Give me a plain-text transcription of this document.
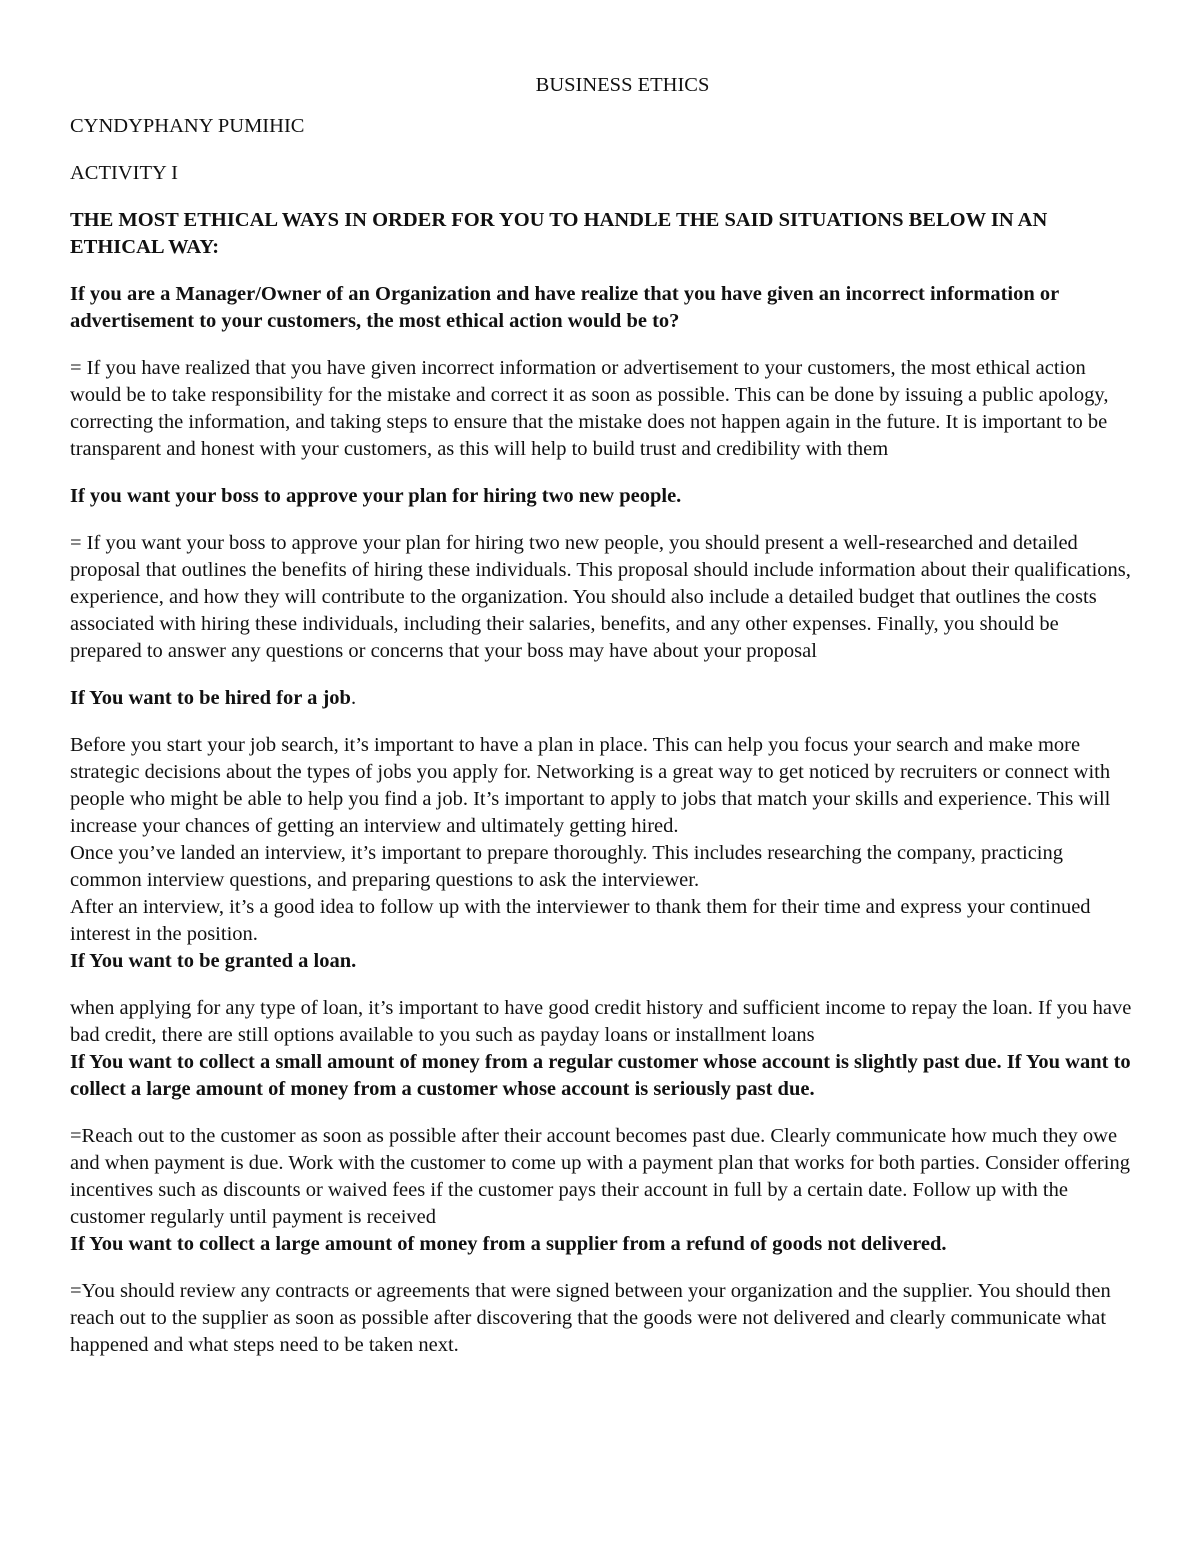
BUSINESS ETHICS
CYNDYPHANY PUMIHIC
ACTIVITY I
THE MOST ETHICAL WAYS IN ORDER FOR YOU TO HANDLE THE SAID SITUATIONS BELOW IN AN ETHICAL WAY:
If you are a Manager/Owner of an Organization and have realize that you have given an incorrect information or advertisement to your customers, the most ethical action would be to?
= If you have realized that you have given incorrect information or advertisement to your customers, the most ethical action would be to take responsibility for the mistake and correct it as soon as possible. This can be done by issuing a public apology, correcting the information, and taking steps to ensure that the mistake does not happen again in the future. It is important to be transparent and honest with your customers, as this will help to build trust and credibility with them
If you want your boss to approve your plan for hiring two new people.
= If you want your boss to approve your plan for hiring two new people, you should present a well-researched and detailed proposal that outlines the benefits of hiring these individuals. This proposal should include information about their qualifications, experience, and how they will contribute to the organization. You should also include a detailed budget that outlines the costs associated with hiring these individuals, including their salaries, benefits, and any other expenses. Finally, you should be prepared to answer any questions or concerns that your boss may have about your proposal
If You want to be hired for a job.
Before you start your job search, it’s important to have a plan in place. This can help you focus your search and make more strategic decisions about the types of jobs you apply for. Networking is a great way to get noticed by recruiters or connect with people who might be able to help you find a job. It’s important to apply to jobs that match your skills and experience. This will increase your chances of getting an interview and ultimately getting hired.
Once you’ve landed an interview, it’s important to prepare thoroughly. This includes researching the company, practicing common interview questions, and preparing questions to ask the interviewer.
After an interview, it’s a good idea to follow up with the interviewer to thank them for their time and express your continued interest in the position.
If You want to be granted a loan.
when applying for any type of loan, it’s important to have good credit history and sufficient income to repay the loan. If you have bad credit, there are still options available to you such as payday loans or installment loans
If You want to collect a small amount of money from a regular customer whose account is slightly past due. If You want to collect a large amount of money from a customer whose account is seriously past due.
=Reach out to the customer as soon as possible after their account becomes past due. Clearly communicate how much they owe and when payment is due. Work with the customer to come up with a payment plan that works for both parties. Consider offering incentives such as discounts or waived fees if the customer pays their account in full by a certain date. Follow up with the customer regularly until payment is received
If You want to collect a large amount of money from a supplier from a refund of goods not delivered.
=You should review any contracts or agreements that were signed between your organization and the supplier. You should then reach out to the supplier as soon as possible after discovering that the goods were not delivered and clearly communicate what happened and what steps need to be taken next.
